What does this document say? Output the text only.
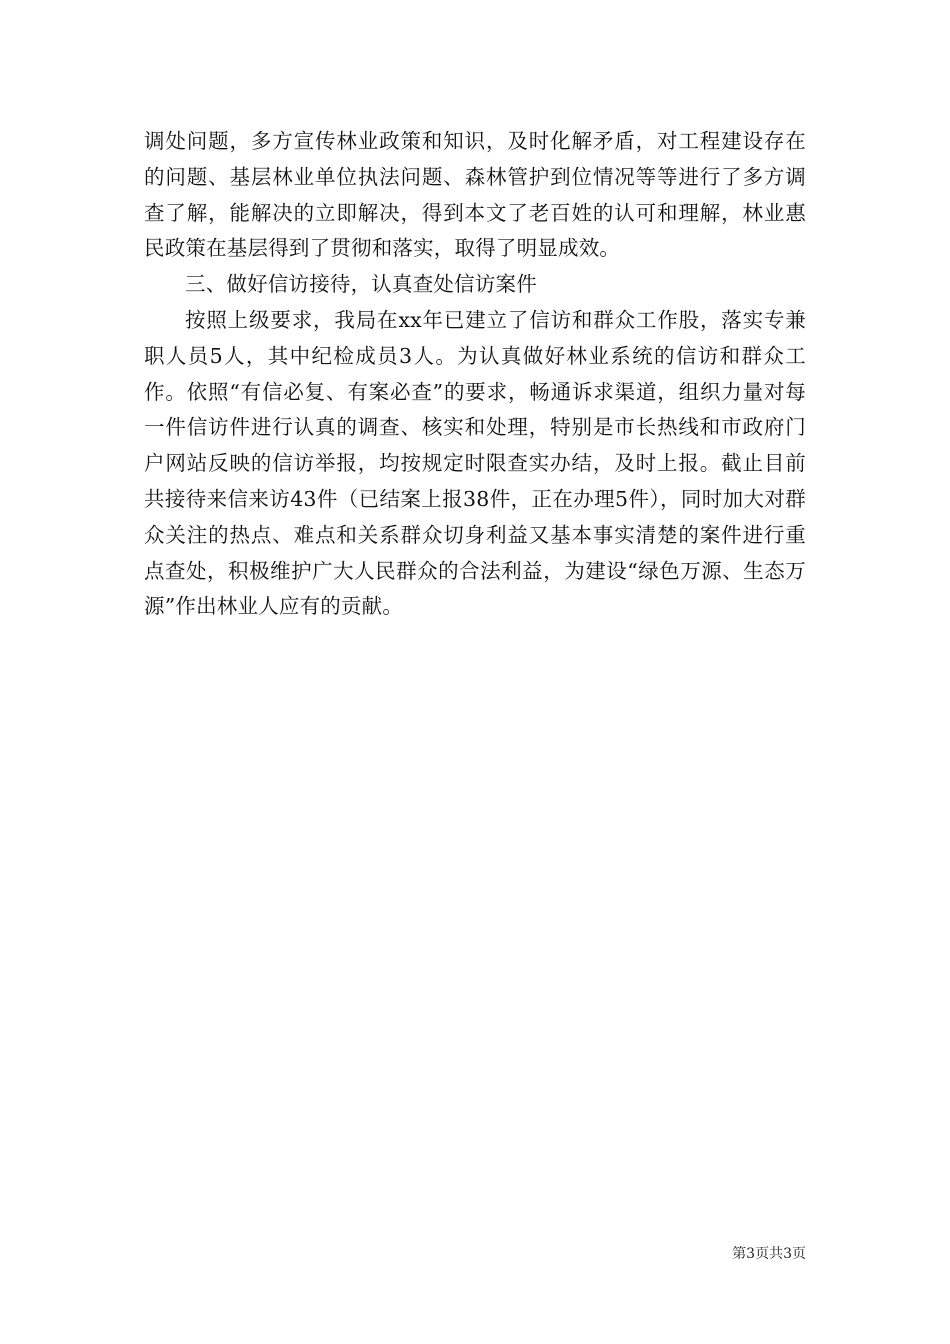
调处问题，多方宣传林业政策和知识，及时化解矛盾，对工程建设存在的问题、基层林业单位执法问题、森林管护到位情况等等进行了多方调查了解，能解决的立即解决，得到本文了老百姓的认可和理解，林业惠民政策在基层得到了贯彻和落实，取得了明显成效。

三、做好信访接待，认真查处信访案件

按照上级要求，我局在xx年已建立了信访和群众工作股，落实专兼职人员5人，其中纪检成员3人。为认真做好林业系统的信访和群众工作。依照“有信必复、有案必查”的要求，畅通诉求渠道，组织力量对每一件信访件进行认真的调查、核实和处理，特别是市长热线和市政府门户网站反映的信访举报，均按规定时限查实办结，及时上报。截止目前共接待来信来访43件（已结案上报38件，正在办理5件），同时加大对群众关注的热点、难点和关系群众切身利益又基本事实清楚的案件进行重点查处，积极维护广大人民群众的合法利益，为建设“绿色万源、生态万源”作出林业人应有的贡献。

第3页共3页
